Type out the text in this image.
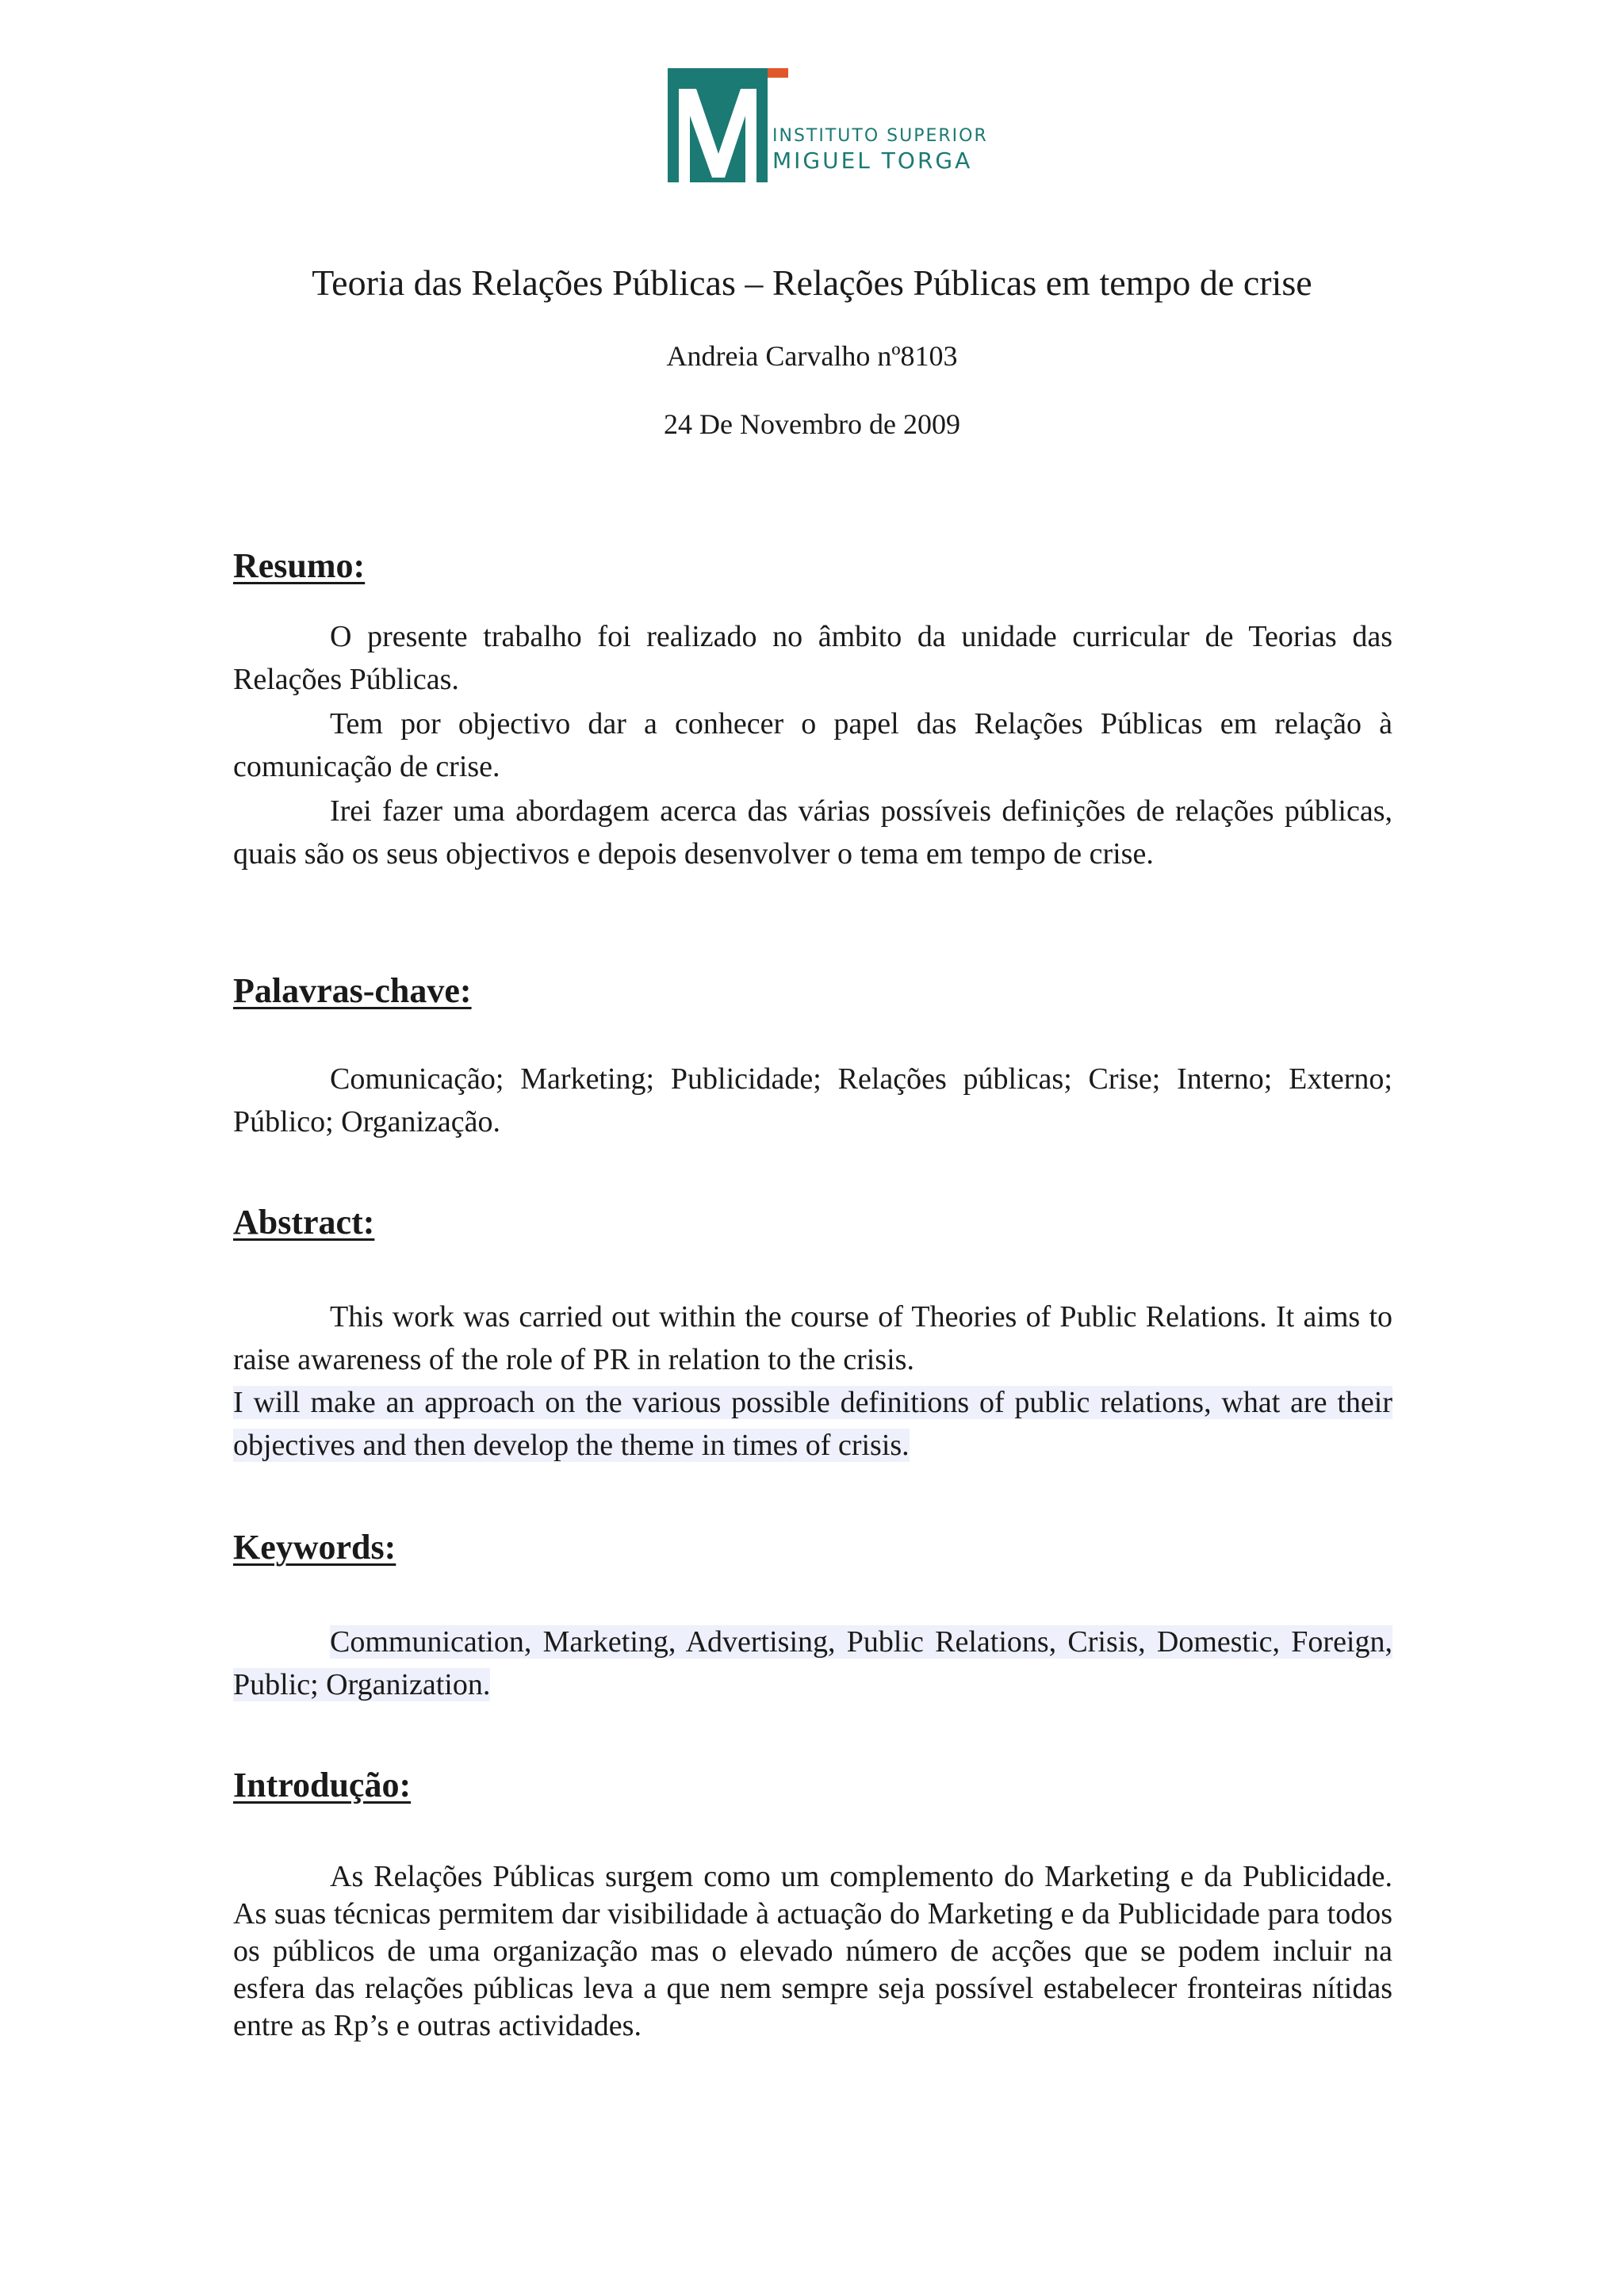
INSTITUTO SUPERIOR
MIGUEL TORGA
Teoria das Relações Públicas – Relações Públicas em tempo de crise
Andreia Carvalho nº8103
24 De Novembro de 2009
Resumo:
O presente trabalho foi realizado no âmbito da unidade curricular de Teorias das Relações Públicas.
Tem por objectivo dar a conhecer o papel das Relações Públicas em relação à comunicação de crise.
Irei fazer uma abordagem acerca das várias possíveis definições de relações públicas, quais são os seus objectivos e depois desenvolver o tema em tempo de crise.
Palavras-chave:
Comunicação; Marketing; Publicidade; Relações públicas; Crise; Interno; Externo; Público; Organização.
Abstract:
This work was carried out within the course of Theories of Public Relations. It aims to raise awareness of the role of PR in relation to the crisis.
I will make an approach on the various possible definitions of public relations, what are their objectives and then develop the theme in times of crisis.
Keywords:
Communication, Marketing, Advertising, Public Relations, Crisis, Domestic, Foreign, Public; Organization.
Introdução:
As Relações Públicas surgem como um complemento do Marketing e da Publicidade. As suas técnicas permitem dar visibilidade à actuação do Marketing e da Publicidade para todos os públicos de uma organização mas o elevado número de acções que se podem incluir na esfera das relações públicas leva a que nem sempre seja possível estabelecer fronteiras nítidas entre as Rp’s e outras actividades.
